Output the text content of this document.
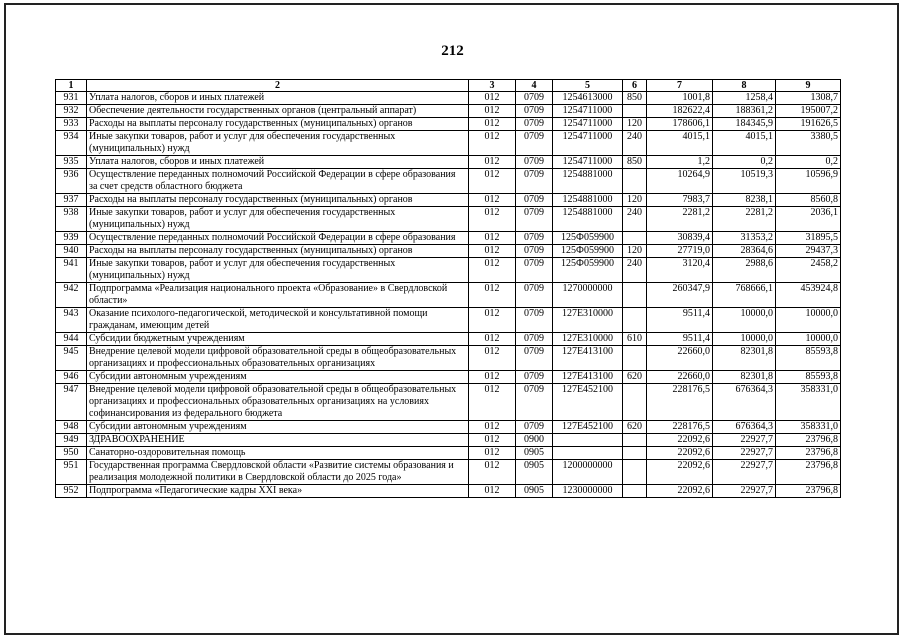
212
1	2	3	4	5	6	7	8	9
931	Уплата налогов, сборов и иных платежей	012	0709	1254613000	850	1001,8	1258,4	1308,7
932	Обеспечение деятельности государственных органов (центральный аппарат)	012	0709	1254711000		182622,4	188361,2	195007,2
933	Расходы на выплаты персоналу государственных (муниципальных) органов	012	0709	1254711000	120	178606,1	184345,9	191626,5
934	Иные закупки товаров, работ и услуг для обеспечения государственных (муниципальных) нужд	012	0709	1254711000	240	4015,1	4015,1	3380,5
935	Уплата налогов, сборов и иных платежей	012	0709	1254711000	850	1,2	0,2	0,2
936	Осуществление переданных полномочий Российской Федерации в сфере образования за счет средств областного бюджета	012	0709	1254881000		10264,9	10519,3	10596,9
937	Расходы на выплаты персоналу государственных (муниципальных) органов	012	0709	1254881000	120	7983,7	8238,1	8560,8
938	Иные закупки товаров, работ и услуг для обеспечения государственных (муниципальных) нужд	012	0709	1254881000	240	2281,2	2281,2	2036,1
939	Осуществление переданных полномочий Российской Федерации в сфере образования	012	0709	125Ф059900		30839,4	31353,2	31895,5
940	Расходы на выплаты персоналу государственных (муниципальных) органов	012	0709	125Ф059900	120	27719,0	28364,6	29437,3
941	Иные закупки товаров, работ и услуг для обеспечения государственных (муниципальных) нужд	012	0709	125Ф059900	240	3120,4	2988,6	2458,2
942	Подпрограмма «Реализация национального проекта «Образование» в Свердловской области»	012	0709	1270000000		260347,9	768666,1	453924,8
943	Оказание психолого-педагогической, методической и консультативной помощи гражданам, имеющим детей	012	0709	127E310000		9511,4	10000,0	10000,0
944	Субсидии бюджетным учреждениям	012	0709	127E310000	610	9511,4	10000,0	10000,0
945	Внедрение целевой модели цифровой образовательной среды в общеобразовательных организациях и профессиональных образовательных организациях	012	0709	127E413100		22660,0	82301,8	85593,8
946	Субсидии автономным учреждениям	012	0709	127E413100	620	22660,0	82301,8	85593,8
947	Внедрение целевой модели цифровой образовательной среды в общеобразовательных организациях и профессиональных образовательных организациях на условиях софинансирования из федерального бюджета	012	0709	127E452100		228176,5	676364,3	358331,0
948	Субсидии автономным учреждениям	012	0709	127E452100	620	228176,5	676364,3	358331,0
949	ЗДРАВООХРАНЕНИЕ	012	0900			22092,6	22927,7	23796,8
950	Санаторно-оздоровительная помощь	012	0905			22092,6	22927,7	23796,8
951	Государственная программа Свердловской области «Развитие системы образования и реализация молодежной политики в Свердловской области до 2025 года»	012	0905	1200000000		22092,6	22927,7	23796,8
952	Подпрограмма «Педагогические кадры XXI века»	012	0905	1230000000		22092,6	22927,7	23796,8
